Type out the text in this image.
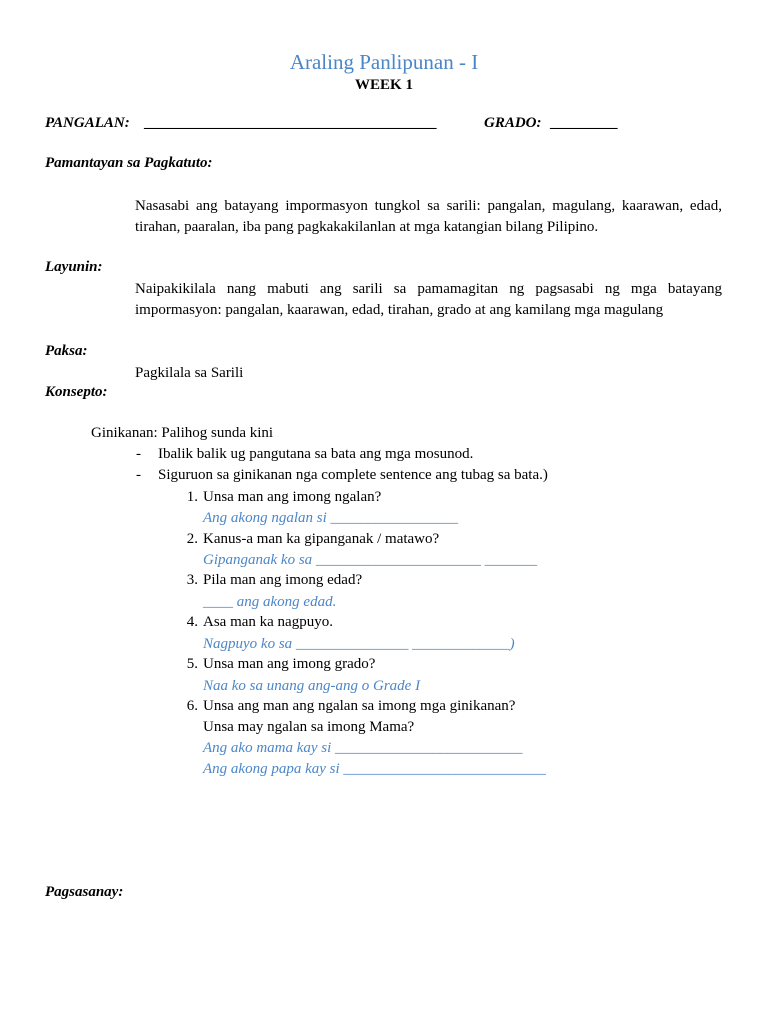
Araling Panlipunan - I
WEEK 1
PANGALAN: _______________________________________	GRADO: _________
Pamantayan sa Pagkatuto:
Nasasabi ang batayang impormasyon tungkol sa sarili: pangalan, magulang, kaarawan, edad, tirahan, paaralan, iba pang pagkakakilanlan at mga katangian bilang Pilipino.
Layunin:
Naipakikilala nang mabuti ang sarili sa pamamagitan ng pagsasabi ng mga batayang impormasyon: pangalan, kaarawan, edad, tirahan, grado at ang kamilang mga magulang
Paksa:
Pagkilala sa Sarili
Konsepto:
Ginikanan: Palihog sunda kini
- Ibalik balik ug pangutana sa bata ang mga mosunod.
- Siguruon sa ginikanan nga complete sentence ang tubag sa bata.)
1. Unsa man ang imong ngalan?
Ang akong ngalan si _________________
2. Kanus-a man ka gipanganak / matawo?
Gipanganak ko sa ______________________ _______
3. Pila man ang imong edad?
____ ang akong edad.
4. Asa man ka nagpuyo.
Nagpuyo ko sa _______________ _____________)
5. Unsa man ang imong grado?
Naa ko sa unang ang-ang o Grade I
6. Unsa ang man ang ngalan sa imong mga ginikanan?
Unsa may ngalan sa imong Mama?
Ang ako mama kay si _________________________
Ang akong papa kay si ___________________________
Pagsasanay:
